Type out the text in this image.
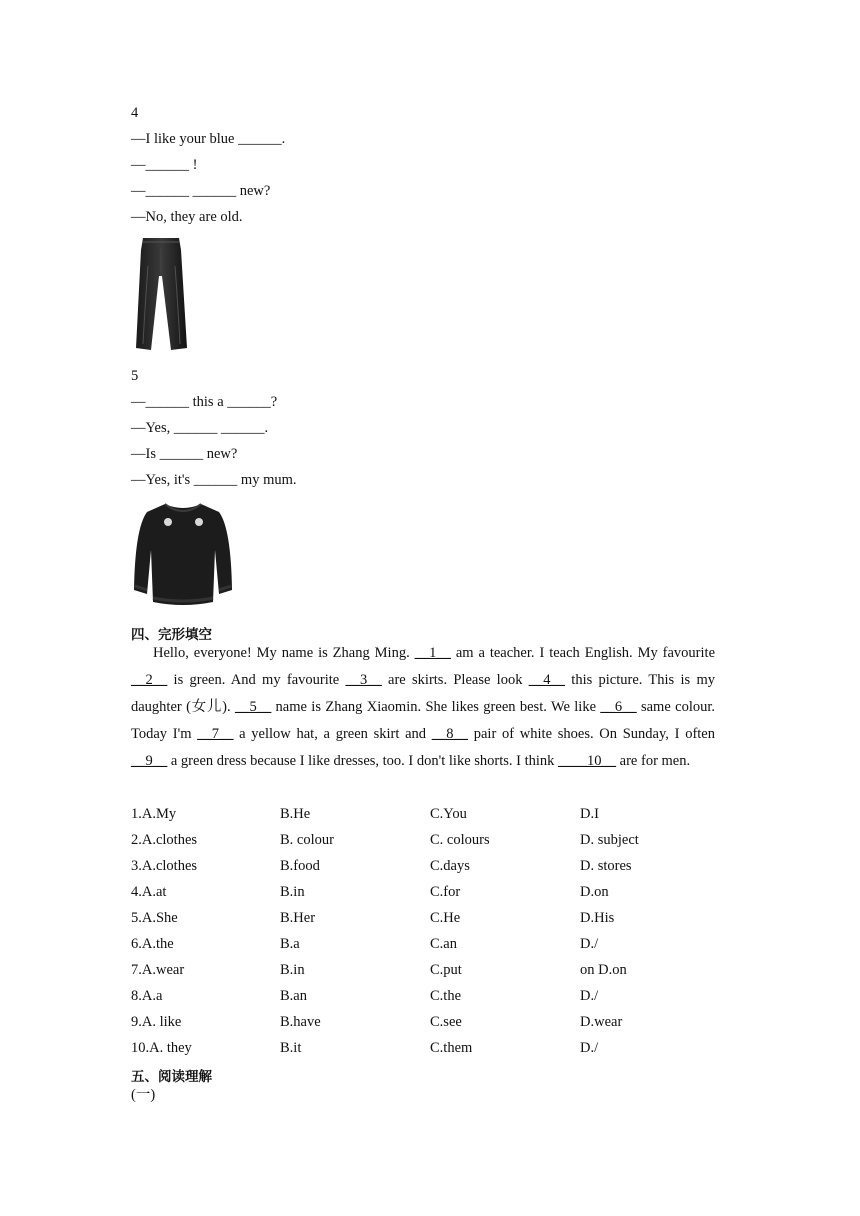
4
—I like your blue ______.
—______ !
—______ ______ new?
—No, they are old.
5
—______ this a ______?
—Yes, ______ ______.
—Is ______ new?
—Yes, it's ______ my mum.
四、完形填空
Hello, everyone! My name is Zhang Ming. __1__ am a teacher. I teach English. My favourite __2__ is green. And my favourite __3__ are skirts. Please look __4__ this picture. This is my daughter (女儿). __5__ name is Zhang Xiaomin. She likes green best. We like __6__ same colour. Today I'm __7__ a yellow hat, a green skirt and __8__ pair of white shoes. On Sunday, I often __9__ a green dress because I like dresses, too. I don't like shorts. I think ____10__ are for men.
1.A.My	B.He	C.You	D.I
2.A.clothes	B. colour	C. colours	D. subject
3.A.clothes	B.food	C.days	D. stores
4.A.at	B.in	C.for	D.on
5.A.She	B.Her	C.He	D.His
6.A.the	B.a	C.an	D./
7.A.wear	B.in	C.put	on D.on
8.A.a	B.an	C.the	D./
9.A. like	B.have	C.see	D.wear
10.A. they	B.it	C.them	D./
五、阅读理解
(一)
